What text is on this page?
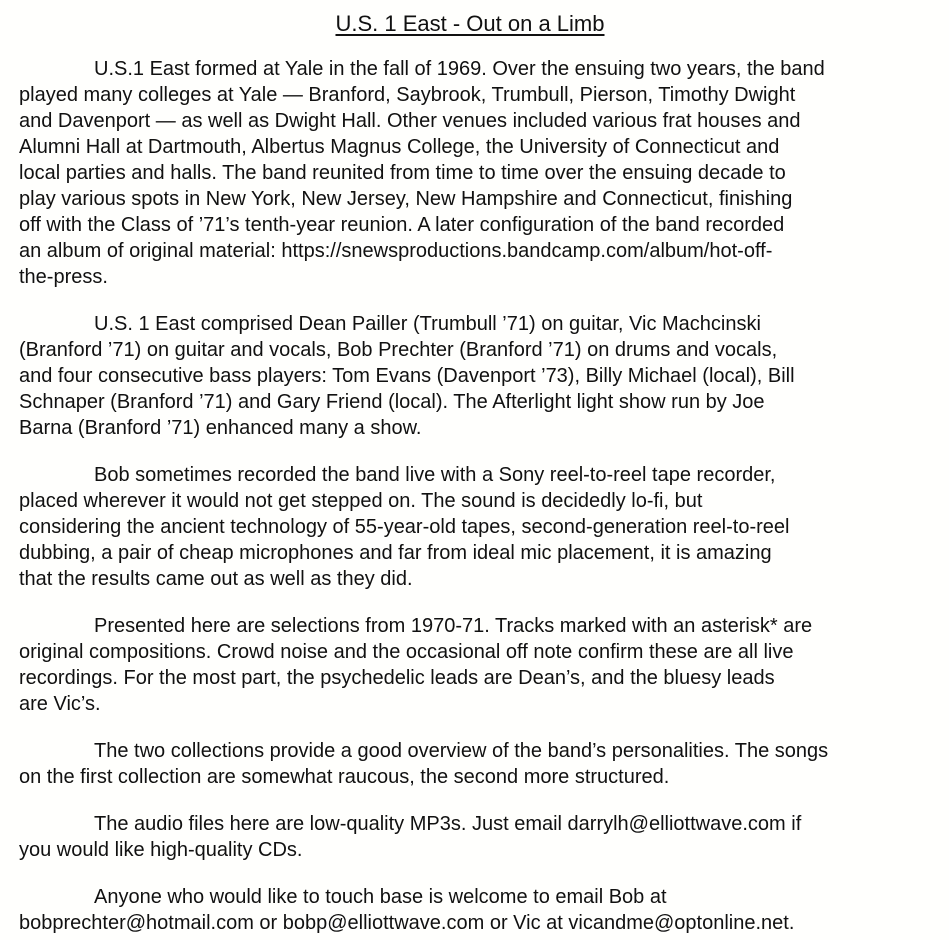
U.S. 1 East - Out on a Limb

U.S.1 East formed at Yale in the fall of 1969. Over the ensuing two years, the band
played many colleges at Yale — Branford, Saybrook, Trumbull, Pierson, Timothy Dwight
and Davenport — as well as Dwight Hall. Other venues included various frat houses and
Alumni Hall at Dartmouth, Albertus Magnus College, the University of Connecticut and
local parties and halls. The band reunited from time to time over the ensuing decade to
play various spots in New York, New Jersey, New Hampshire and Connecticut, finishing
off with the Class of ’71’s tenth-year reunion. A later configuration of the band recorded
an album of original material: https://snewsproductions.bandcamp.com/album/hot-off-
the-press.

U.S. 1 East comprised Dean Pailler (Trumbull ’71) on guitar, Vic Machcinski
(Branford ’71) on guitar and vocals, Bob Prechter (Branford ’71) on drums and vocals,
and four consecutive bass players: Tom Evans (Davenport ’73), Billy Michael (local), Bill
Schnaper (Branford ’71) and Gary Friend (local). The Afterlight light show run by Joe
Barna (Branford ’71) enhanced many a show.

Bob sometimes recorded the band live with a Sony reel-to-reel tape recorder,
placed wherever it would not get stepped on. The sound is decidedly lo-fi, but
considering the ancient technology of 55-year-old tapes, second-generation reel-to-reel
dubbing, a pair of cheap microphones and far from ideal mic placement, it is amazing
that the results came out as well as they did.

Presented here are selections from 1970-71. Tracks marked with an asterisk* are
original compositions. Crowd noise and the occasional off note confirm these are all live
recordings. For the most part, the psychedelic leads are Dean’s, and the bluesy leads
are Vic’s.

The two collections provide a good overview of the band’s personalities. The songs
on the first collection are somewhat raucous, the second more structured.

The audio files here are low-quality MP3s. Just email darrylh@elliottwave.com if
you would like high-quality CDs.

Anyone who would like to touch base is welcome to email Bob at
bobprechter@hotmail.com or bobp@elliottwave.com or Vic at vicandme@optonline.net.
